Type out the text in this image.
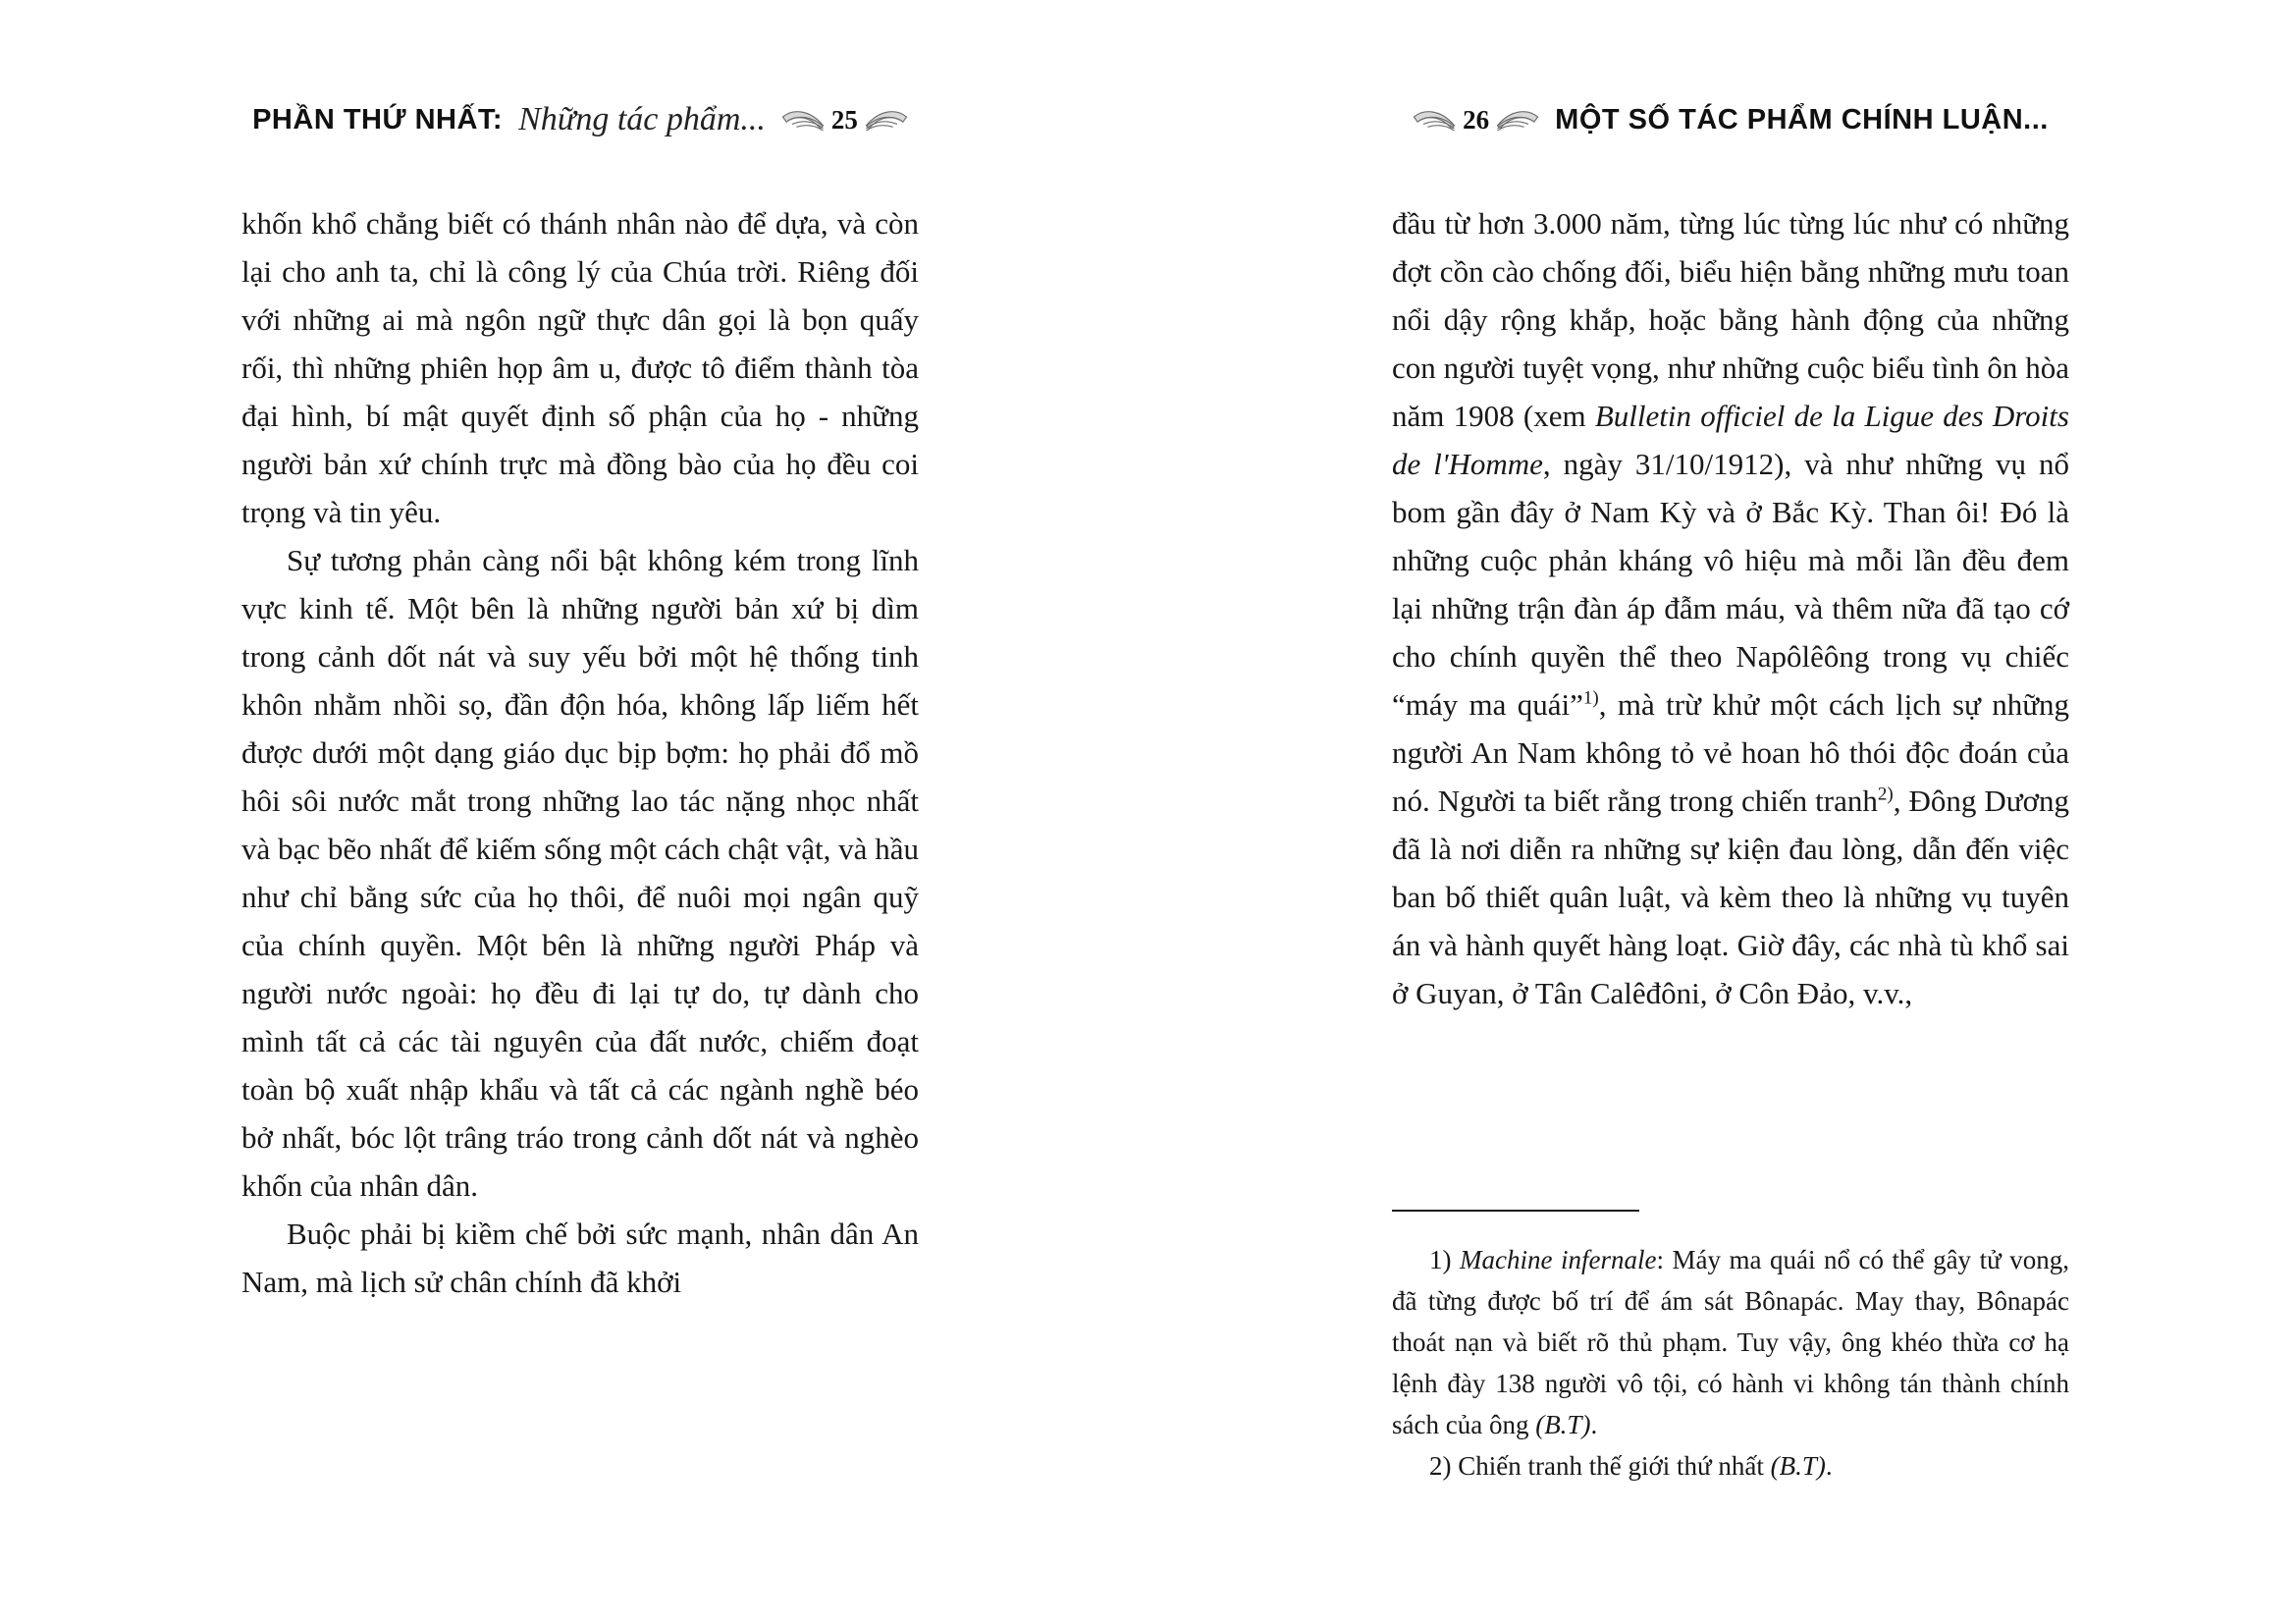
PHẦN THỨ NHẤT: Những tác phẩm... 25

khốn khổ chẳng biết có thánh nhân nào để dựa, và còn lại cho anh ta, chỉ là công lý của Chúa trời. Riêng đối với những ai mà ngôn ngữ thực dân gọi là bọn quấy rối, thì những phiên họp âm u, được tô điểm thành tòa đại hình, bí mật quyết định số phận của họ - những người bản xứ chính trực mà đồng bào của họ đều coi trọng và tin yêu.

Sự tương phản càng nổi bật không kém trong lĩnh vực kinh tế. Một bên là những người bản xứ bị dìm trong cảnh dốt nát và suy yếu bởi một hệ thống tinh khôn nhằm nhồi sọ, đần độn hóa, không lấp liếm hết được dưới một dạng giáo dục bịp bợm: họ phải đổ mồ hôi sôi nước mắt trong những lao tác nặng nhọc nhất và bạc bẽo nhất để kiếm sống một cách chật vật, và hầu như chỉ bằng sức của họ thôi, để nuôi mọi ngân quỹ của chính quyền. Một bên là những người Pháp và người nước ngoài: họ đều đi lại tự do, tự dành cho mình tất cả các tài nguyên của đất nước, chiếm đoạt toàn bộ xuất nhập khẩu và tất cả các ngành nghề béo bở nhất, bóc lột trâng tráo trong cảnh dốt nát và nghèo khốn của nhân dân.

Buộc phải bị kiềm chế bởi sức mạnh, nhân dân An Nam, mà lịch sử chân chính đã khởi

26 MỘT SỐ TÁC PHẨM CHÍNH LUẬN...

đầu từ hơn 3.000 năm, từng lúc từng lúc như có những đợt cồn cào chống đối, biểu hiện bằng những mưu toan nổi dậy rộng khắp, hoặc bằng hành động của những con người tuyệt vọng, như những cuộc biểu tình ôn hòa năm 1908 (xem Bulletin officiel de la Ligue des Droits de l'Homme, ngày 31/10/1912), và như những vụ nổ bom gần đây ở Nam Kỳ và ở Bắc Kỳ. Than ôi! Đó là những cuộc phản kháng vô hiệu mà mỗi lần đều đem lại những trận đàn áp đẫm máu, và thêm nữa đã tạo cớ cho chính quyền thể theo Napôlêông trong vụ chiếc “máy ma quái”$^{1)}$, mà trừ khử một cách lịch sự những người An Nam không tỏ vẻ hoan hô thói độc đoán của nó. Người ta biết rằng trong chiến tranh$^{2)}$, Đông Dương đã là nơi diễn ra những sự kiện đau lòng, dẫn đến việc ban bố thiết quân luật, và kèm theo là những vụ tuyên án và hành quyết hàng loạt. Giờ đây, các nhà tù khổ sai ở Guyan, ở Tân Calêđôni, ở Côn Đảo, v.v.,

1) Machine infernale: Máy ma quái nổ có thể gây tử vong, đã từng được bố trí để ám sát Bônapác. May thay, Bônapác thoát nạn và biết rõ thủ phạm. Tuy vậy, ông khéo thừa cơ hạ lệnh đày 138 người vô tội, có hành vi không tán thành chính sách của ông (B.T).

2) Chiến tranh thế giới thứ nhất (B.T).
